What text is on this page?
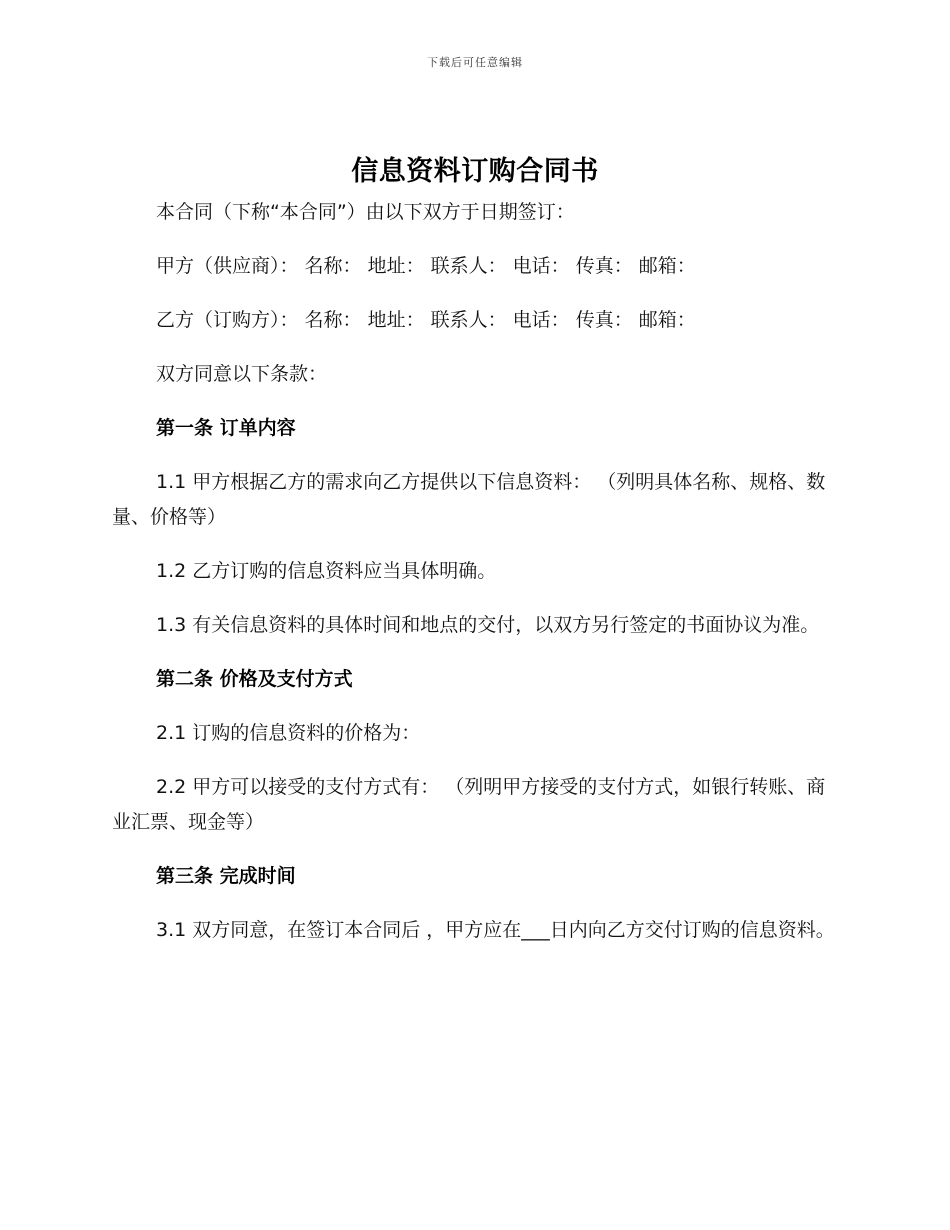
下载后可任意编辑
信息资料订购合同书

本合同（下称“本合同”）由以下双方于日期签订：

甲方（供应商）： 名称： 地址： 联系人： 电话： 传真： 邮箱：

乙方（订购方）： 名称： 地址： 联系人： 电话： 传真： 邮箱：

双方同意以下条款：

第一条 订单内容

1.1 甲方根据乙方的需求向乙方提供以下信息资料： （列明具体名称、规格、数量、价格等）

1.2 乙方订购的信息资料应当具体明确。

1.3 有关信息资料的具体时间和地点的交付，以双方另行签定的书面协议为准。

第二条 价格及支付方式

2.1 订购的信息资料的价格为：

2.2 甲方可以接受的支付方式有： （列明甲方接受的支付方式，如银行转账、商业汇票、现金等）

第三条 完成时间

3.1 双方同意，在签订本合同后 ，甲方应在___日内向乙方交付订购的信息资料。
